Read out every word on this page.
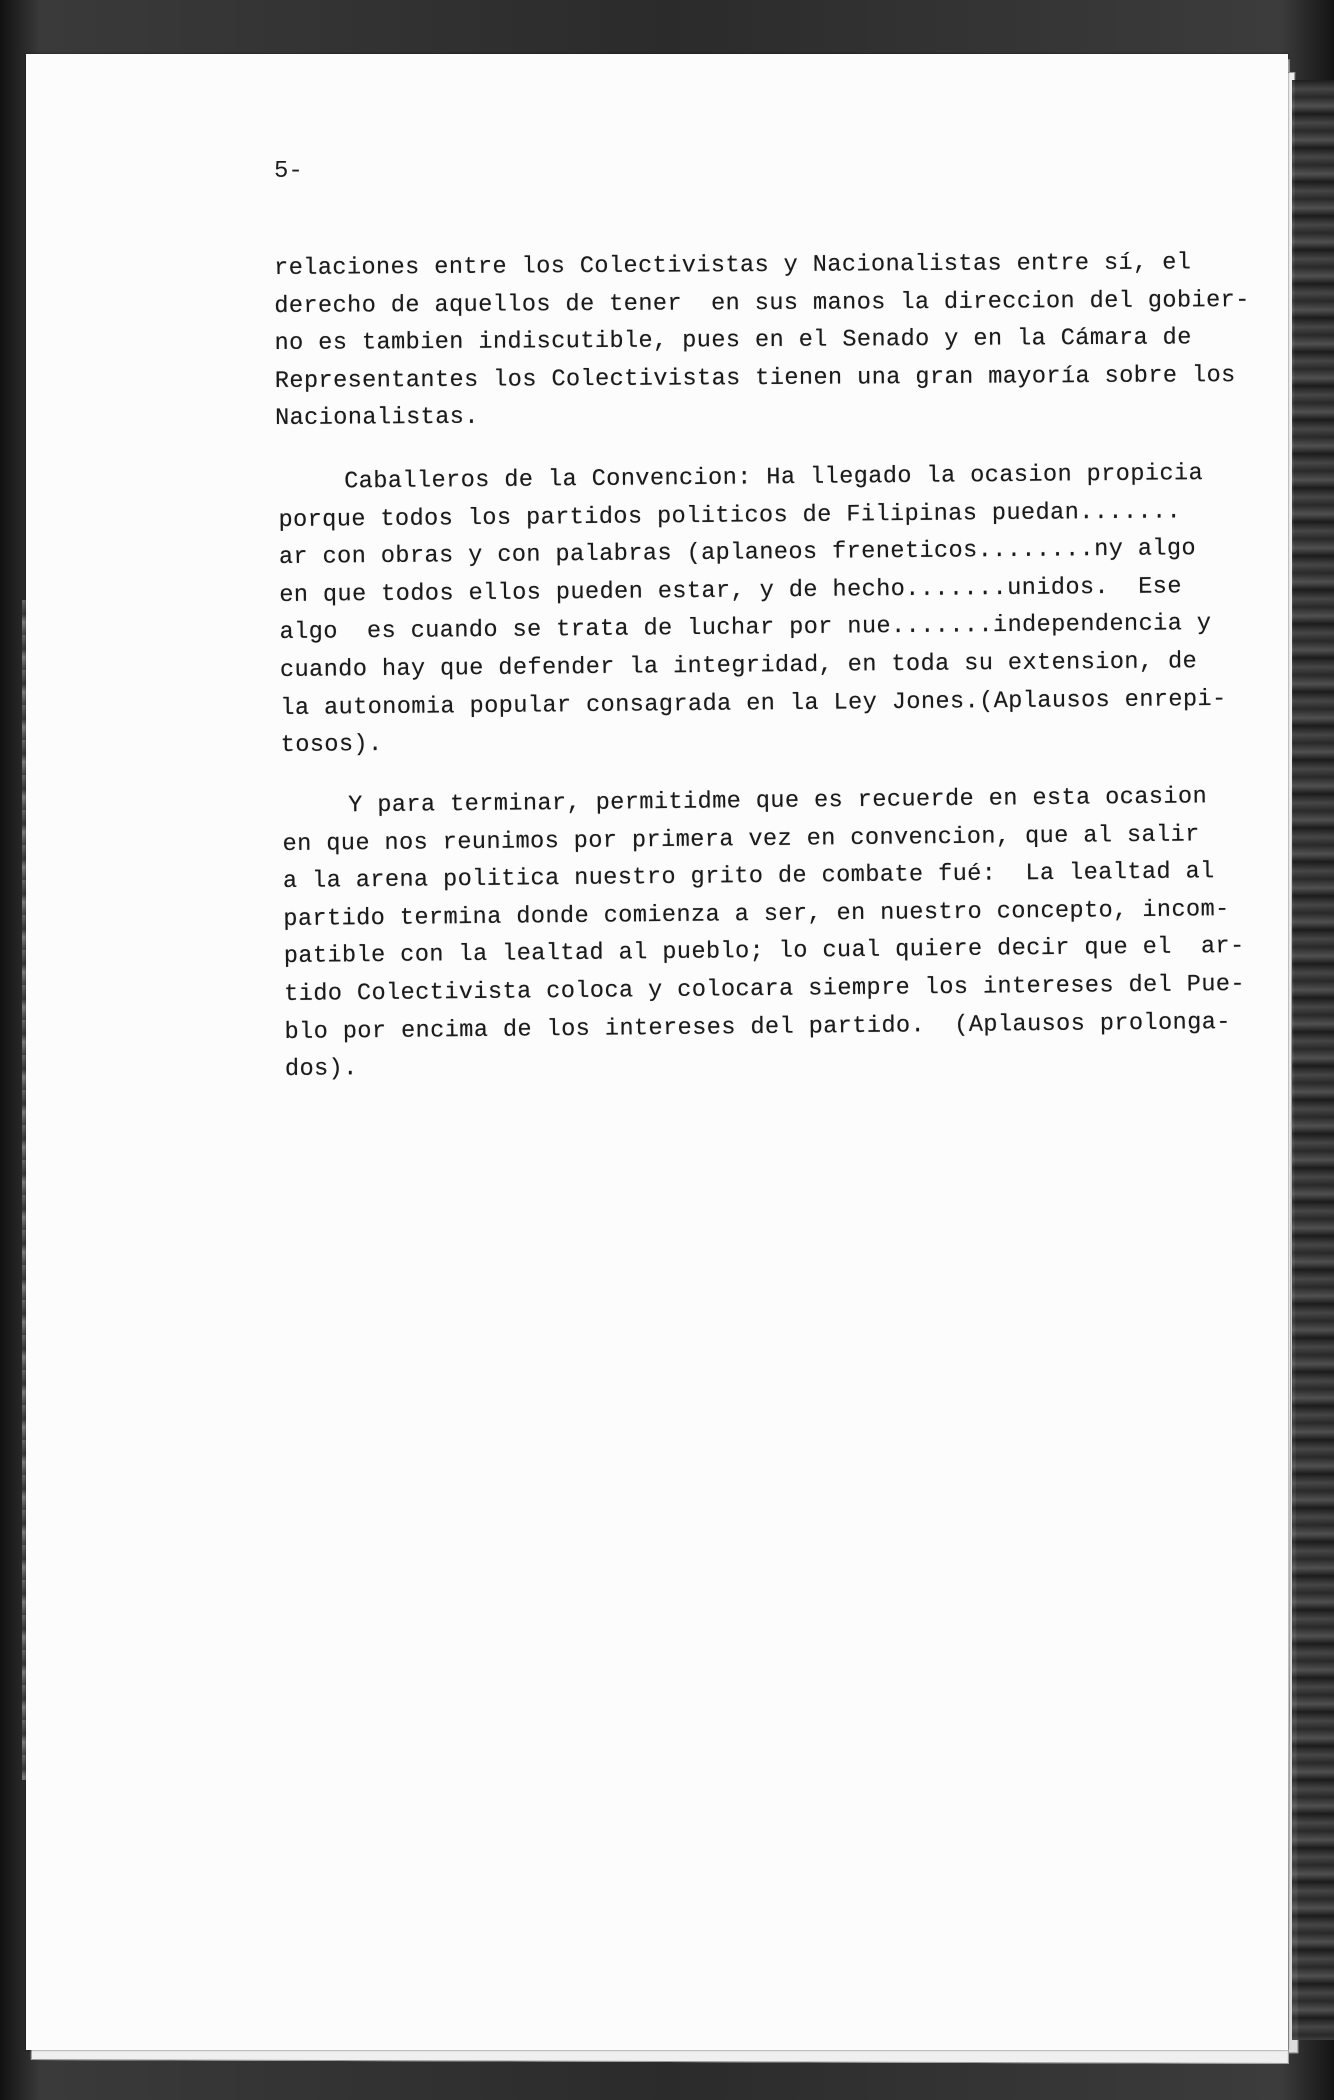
5-

relaciones entre los Colectivistas y Nacionalistas entre sí, el
derecho de aquellos de tener  en sus manos la direccion del gobier-
no es tambien indiscutible, pues en el Senado y en la Cámara de
Representantes los Colectivistas tienen una gran mayoría sobre los
Nacionalistas.
Caballeros de la Convencion: Ha llegado la ocasion propicia
porque todos los partidos politicos de Filipinas puedan.......
ar con obras y con palabras (aplaneos freneticos........ny algo
en que todos ellos pueden estar, y de hecho.......unidos.  Ese
algo  es cuando se trata de luchar por nue.......independencia y
cuando hay que defender la integridad, en toda su extension, de
la autonomia popular consagrada en la Ley Jones.(Aplausos enrepi-
tosos).
Y para terminar, permitidme que es recuerde en esta ocasion
en que nos reunimos por primera vez en convencion, que al salir
a la arena politica nuestro grito de combate fué:  La lealtad al
partido termina donde comienza a ser, en nuestro concepto, incom-
patible con la lealtad al pueblo; lo cual quiere decir que el  ar-
tido Colectivista coloca y colocara siempre los intereses del Pue-
blo por encima de los intereses del partido.  (Aplausos prolonga-
dos).
